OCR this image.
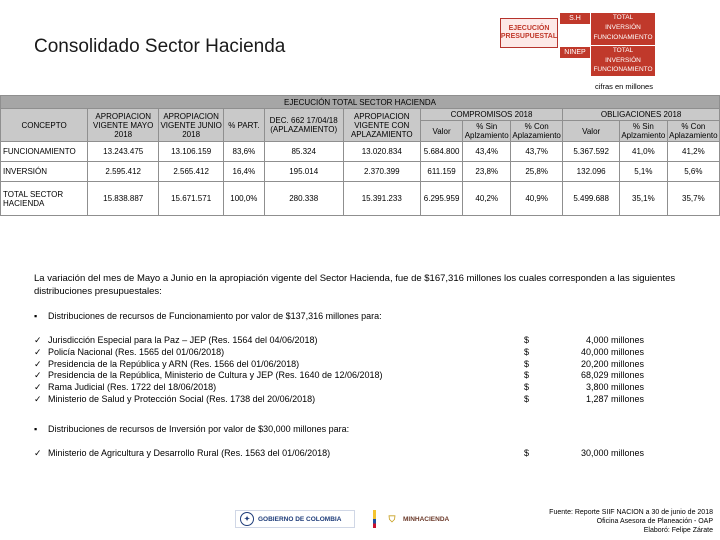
Consolidado Sector Hacienda
EJECUCIÓN PRESUPUESTAL
S.H	TOTAL
INVERSIÓN
FUNCIONAMIENTO
NINEP	TOTAL
INVERSIÓN
FUNCIONAMIENTO
cifras en millones
EJECUCIÓN TOTAL SECTOR HACIENDA											
CONCEPTO	APROPIACION VIGENTE MAYO 2018	APROPIACION VIGENTE JUNIO 2018	% PART.	DEC. 662 17/04/18 (APLAZAMIENTO)	APROPIACION VIGENTE CON APLAZAMIENTO	COMPROMISOS 2018			OBLIGACIONES 2018		
						Valor	% Sin Aplzamiento	% Con Aplazamiento	Valor	% Sin Aplzamiento	% Con Aplazamiento
FUNCIONAMIENTO	13.243.475	13.106.159	83,6%	85.324	13.020.834	5.684.800	43,4%	43,7%	5.367.592	41,0%	41,2%
INVERSIÓN	2.595.412	2.565.412	16,4%	195.014	2.370.399	611.159	23,8%	25,8%	132.096	5,1%	5,6%
TOTAL SECTOR HACIENDA	15.838.887	15.671.571	100,0%	280.338	15.391.233	6.295.959	40,2%	40,9%	5.499.688	35,1%	35,7%
La variación del mes de Mayo a Junio en la apropiación vigente del Sector Hacienda, fue de $167,316 millones los cuales corresponden a las siguientes distribuciones presupuestales:
▪ Distribuciones de recursos de Funcionamiento por valor de $137,316 millones para:
✓ Jurisdicción Especial para la Paz – JEP (Res. 1564 del 04/06/2018)	$	4,000 millones
✓ Policía Nacional (Res. 1565 del 01/06/2018)	$	40,000 millones
✓ Presidencia de la República y ARN (Res. 1566 del 01/06/2018)	$	20,200 millones
✓ Presidencia de la República, Ministerio de Cultura y JEP (Res. 1640 de 12/06/2018)	$	68,029 millones
✓ Rama Judicial (Res. 1722 del 18/06/2018)	$	3,800 millones
✓ Ministerio de Salud y Protección Social (Res. 1738 del 20/06/2018)	$	1,287 millones
▪ Distribuciones de recursos de Inversión por valor de $30,000 millones para:
✓ Ministerio de Agricultura y Desarrollo Rural (Res. 1563 del 01/06/2018)	$	30,000 millones
✦	GOBIERNO DE COLOMBIA	⛉	MINHACIENDA
Fuente: Reporte SIIF NACION a 30 de junio de 2018
Oficina Asesora de Planeación - OAP
Elaboró: Felipe Zárate
